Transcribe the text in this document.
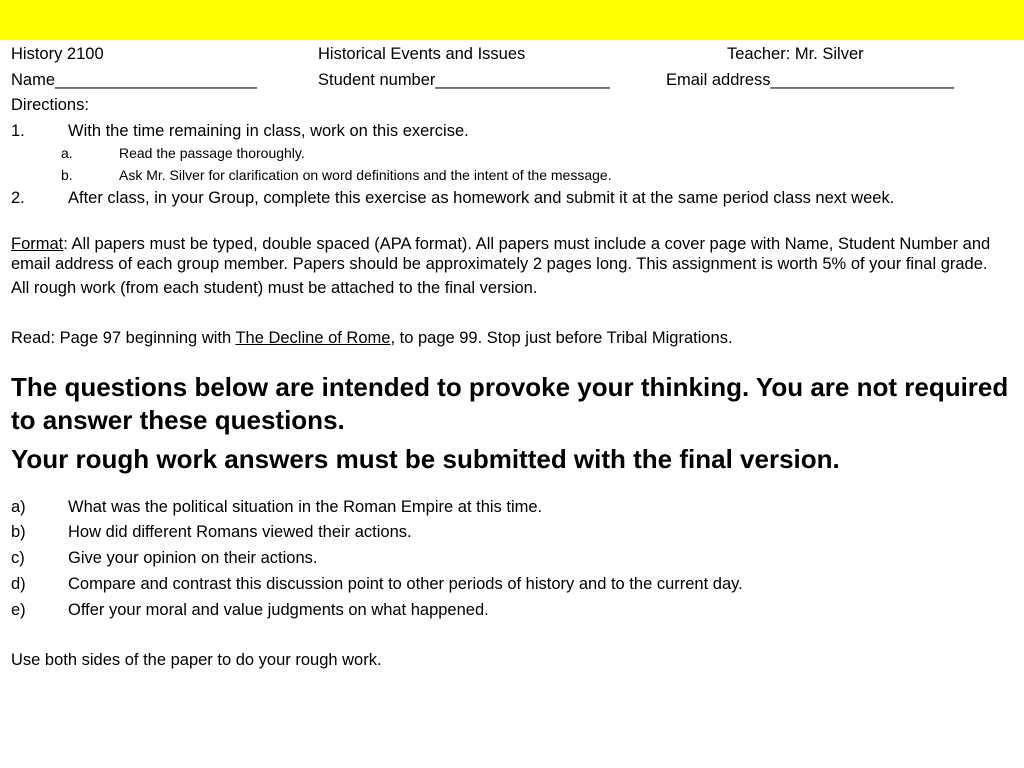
History 2100	Historical Events and Issues	Teacher: Mr. Silver
Name______________________	Student number___________________	Email address____________________
Directions:
1.	With the time remaining in class, work on this exercise.
a.	Read the passage thoroughly.
b.	Ask Mr. Silver for clarification on word definitions and the intent of the message.
2.	After class, in your Group, complete this exercise as homework and submit it at the same period class next week.
Format: All papers must be typed, double spaced (APA format). All papers must include a cover page with Name, Student Number and email address of each group member. Papers should be approximately 2 pages long. This assignment is worth 5% of your final grade.
All rough work (from each student) must be attached to the final version.
Read: Page 97 beginning with The Decline of Rome, to page 99. Stop just before Tribal Migrations.
The questions below are intended to provoke your thinking. You are not required to answer these questions.
Your rough work answers must be submitted with the final version.
a)	What was the political situation in the Roman Empire at this time.
b)	How did different Romans viewed their actions.
c)	Give your opinion on their actions.
d)	Compare and contrast this discussion point to other periods of history and to the current day.
e)	Offer your moral and value judgments on what happened.
Use both sides of the paper to do your rough work.
